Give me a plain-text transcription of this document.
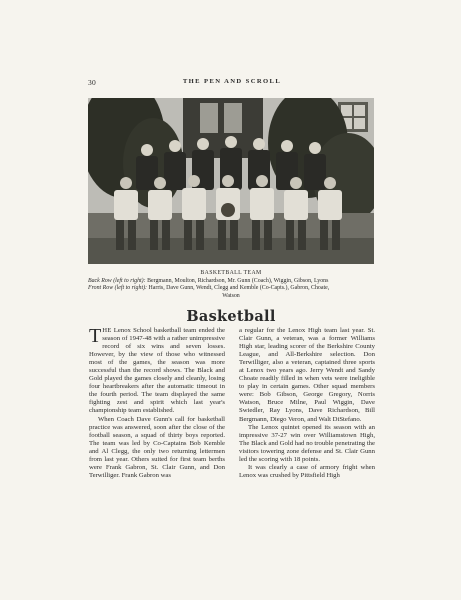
30	THE PEN AND SCROLL
BASKETBALL TEAM
Back Row (left to right): Bergmann, Moulton, Richardson, Mr. Gunn (Coach), Wiggin, Gibson, Lyons
Front Row (left to right): Harris, Dave Gunn, Wendt, Clegg and Kemble (Co-Capts.), Gabron, Choate,
Watson
Basketball

THE Lenox School basketball team ended the season of 1947-48 with a rather unimpressive record of six wins and seven losses. However, by the view of those who witnessed most of the games, the season was more successful than the record shows. The Black and Gold played the games closely and cleanly, losing four heartbreakers after the automatic timeout in the fourth period. The team displayed the same fighting zest and spirit which last year's championship team established.

When Coach Dave Gunn's call for basketball practice was answered, soon after the close of the football season, a squad of thirty boys reported. The team was led by Co-Captains Bob Kemble and Al Clegg, the only two returning lettermen from last year. Others suited for first team berths were Frank Gabron, St. Clair Gunn, and Don Terwilliger. Frank Gabron was

a regular for the Lenox High team last year. St. Clair Gunn, a veteran, was a former Williams High star, leading scorer of the Berkshire County League, and All-Berkshire selection. Don Terwilliger, also a veteran, captained three sports at Lenox two years ago. Jerry Wendt and Sandy Choate readily filled in when vets were ineligible to play in certain games. Other squad members were: Bob Gibson, George Gregory, Norris Watson, Bruce Milne, Paul Wiggin, Dave Swiedler, Ray Lyons, Dave Richardson, Bill Bergmann, Diego Veron, and Walt DiStefano.

The Lenox quintet opened its season with an impressive 37-27 win over Williamstown High, The Black and Gold had no trouble penetrating the visitors towering zone defense and St. Clair Gunn led the scoring with 18 points.

It was clearly a case of armory fright when Lenox was crushed by Pittsfield High
